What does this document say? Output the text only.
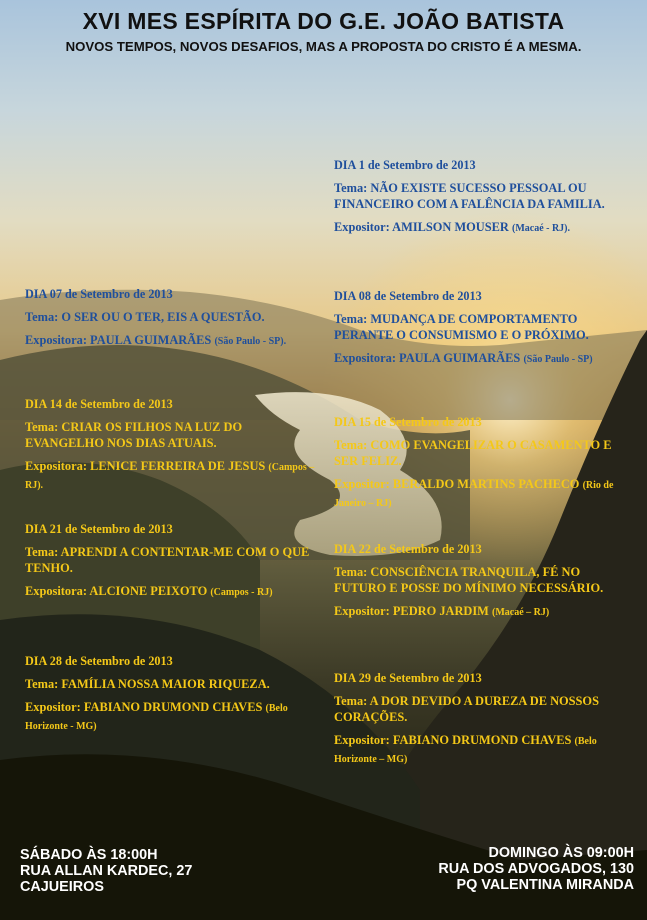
XVI MES ESPÍRITA DO G.E. JOÃO BATISTA
NOVOS TEMPOS, NOVOS DESAFIOS, MAS A PROPOSTA DO CRISTO É A MESMA.
DIA 1 de Setembro de 2013
Tema: NÃO EXISTE SUCESSO PESSOAL OU FINANCEIRO COM A FALÊNCIA DA FAMILIA.
Expositor: AMILSON MOUSER (Macaé - RJ).
DIA 07 de Setembro de 2013
Tema: O SER OU O TER, EIS A QUESTÃO.
Expositora: PAULA GUIMARÃES (São Paulo - SP).
DIA 08 de Setembro de 2013
Tema: MUDANÇA DE COMPORTAMENTO PERANTE O CONSUMISMO E O PRÓXIMO.
Expositora: PAULA GUIMARÃES (São Paulo - SP)
DIA 14 de Setembro de 2013
Tema: CRIAR OS FILHOS NA LUZ DO EVANGELHO NOS DIAS ATUAIS.
Expositora: LENICE FERREIRA DE JESUS (Campos – RJ).
DIA 15 de Setembro de 2013
Tema: COMO EVANGELIZAR O CASAMENTO E SER FELIZ.
Expositor: BERALDO MARTINS PACHECO (Rio de Janeiro – RJ)
DIA 21 de Setembro de 2013
Tema: APRENDI A CONTENTAR-ME COM O QUE TENHO.
Expositora: ALCIONE PEIXOTO (Campos - RJ)
DIA 22 de Setembro de 2013
Tema: CONSCIÊNCIA TRANQUILA, FÉ NO FUTURO E POSSE DO MÍNIMO NECESSÁRIO.
Expositor: PEDRO JARDIM (Macaé – RJ)
DIA 28 de Setembro de 2013
Tema: FAMÍLIA NOSSA MAIOR RIQUEZA.
Expositor: FABIANO DRUMOND CHAVES (Belo Horizonte - MG)
DIA 29 de Setembro de 2013
Tema: A DOR DEVIDO A DUREZA DE NOSSOS CORAÇÕES.
Expositor: FABIANO DRUMOND CHAVES (Belo Horizonte – MG)
SÁBADO ÀS 18:00H
RUA ALLAN KARDEC, 27
CAJUEIROS
DOMINGO ÀS 09:00H
RUA DOS ADVOGADOS, 130
PQ VALENTINA MIRANDA
